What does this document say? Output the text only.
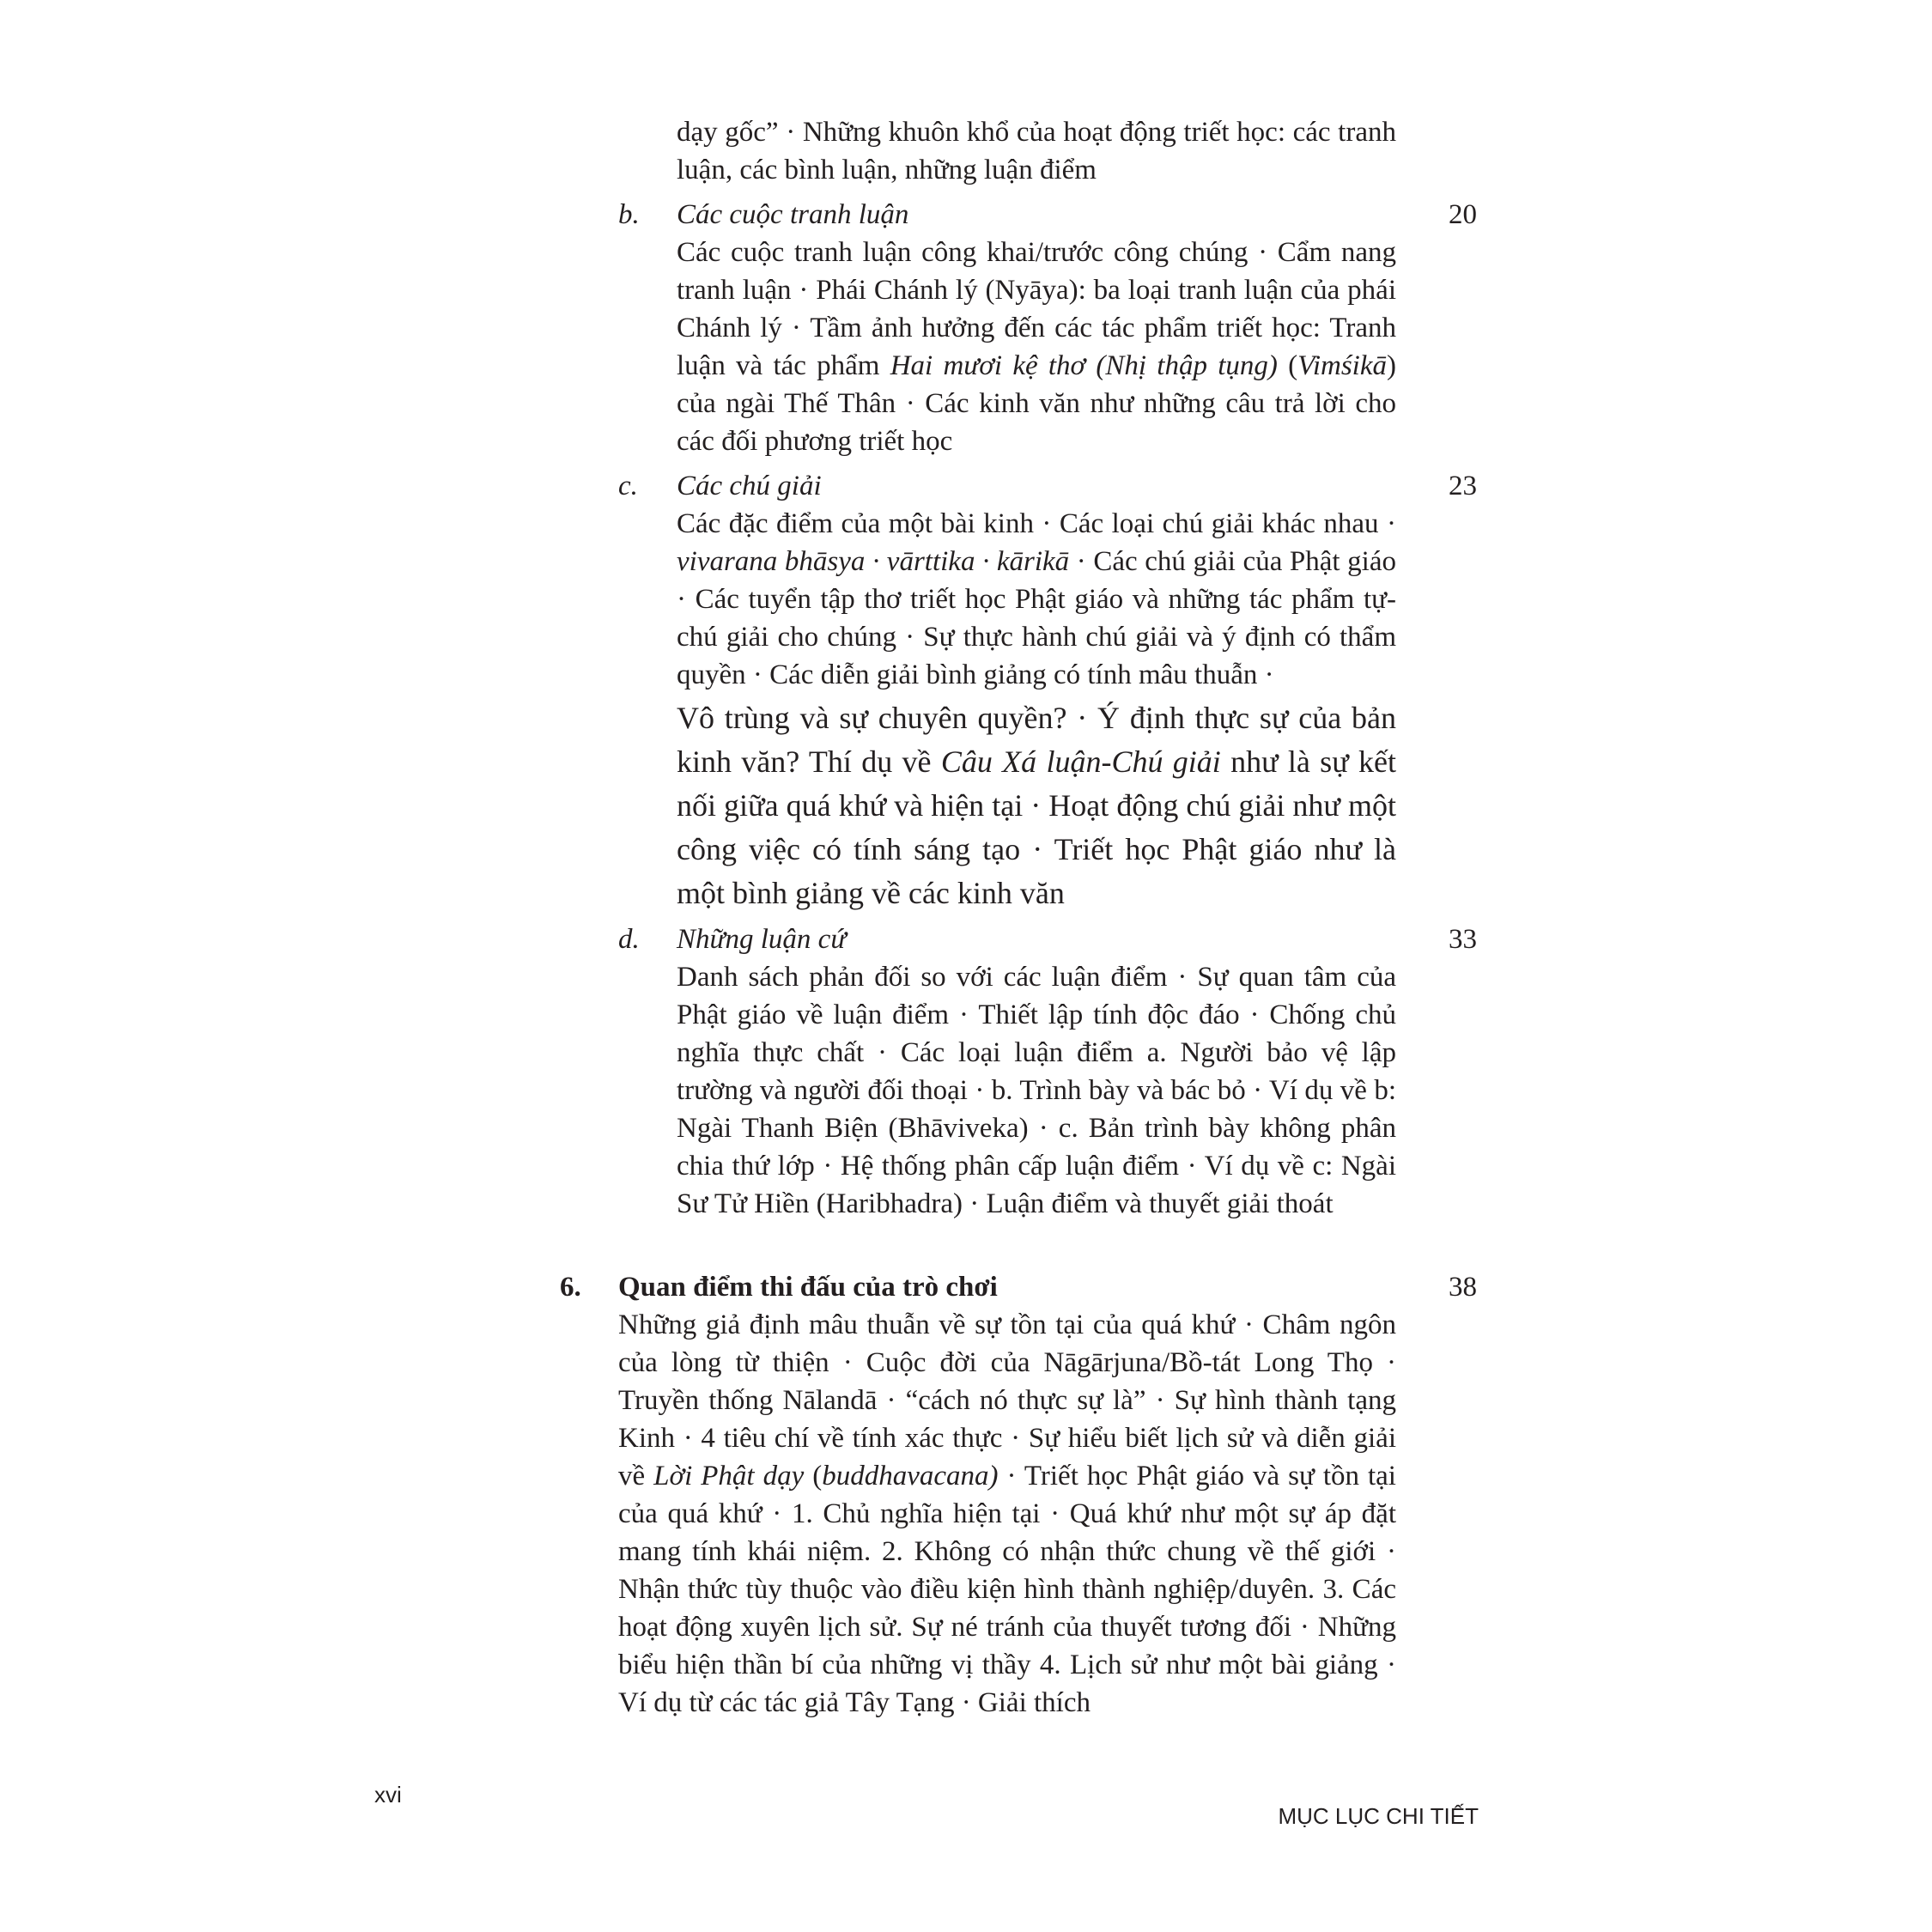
dạy gốc” · Những khuôn khổ của hoạt động triết học: các tranh luận, các bình luận, những luận điểm
b. Các cuộc tranh luận	20
Các cuộc tranh luận công khai/trước công chúng · Cẩm nang tranh luận · Phái Chánh lý (Nyāya): ba loại tranh luận của phái Chánh lý · Tầm ảnh hưởng đến các tác phẩm triết học: Tranh luận và tác phẩm Hai mươi kệ thơ (Nhị thập tụng) (Vimśikā) của ngài Thế Thân · Các kinh văn như những câu trả lời cho các đối phương triết học
c. Các chú giải	23
Các đặc điểm của một bài kinh · Các loại chú giải khác nhau · vivarana bhāsya · vārttika · kārikā · Các chú giải của Phật giáo · Các tuyển tập thơ triết học Phật giáo và những tác phẩm tự-chú giải cho chúng · Sự thực hành chú giải và ý định có thẩm quyền · Các diễn giải bình giảng có tính mâu thuẫn ·
Vô trùng và sự chuyên quyền? · Ý định thực sự của bản kinh văn? Thí dụ về Câu Xá luận-Chú giải như là sự kết nối giữa quá khứ và hiện tại · Hoạt động chú giải như một công việc có tính sáng tạo · Triết học Phật giáo như là một bình giảng về các kinh văn
d. Những luận cứ	33
Danh sách phản đối so với các luận điểm · Sự quan tâm của Phật giáo về luận điểm · Thiết lập tính độc đáo · Chống chủ nghĩa thực chất · Các loại luận điểm a. Người bảo vệ lập trường và người đối thoại · b. Trình bày và bác bỏ · Ví dụ về b: Ngài Thanh Biện (Bhāviveka) · c. Bản trình bày không phân chia thứ lớp · Hệ thống phân cấp luận điểm · Ví dụ về c: Ngài Sư Tử Hiền (Haribhadra) · Luận điểm và thuyết giải thoát
6. Quan điểm thi đấu của trò chơi	38
Những giả định mâu thuẫn về sự tồn tại của quá khứ · Châm ngôn của lòng từ thiện · Cuộc đời của Nāgārjuna/Bồ-tát Long Thọ · Truyền thống Nālandā · “cách nó thực sự là” · Sự hình thành tạng Kinh · 4 tiêu chí về tính xác thực · Sự hiểu biết lịch sử và diễn giải về Lời Phật dạy (buddhavacana) · Triết học Phật giáo và sự tồn tại của quá khứ · 1. Chủ nghĩa hiện tại · Quá khứ như một sự áp đặt mang tính khái niệm. 2. Không có nhận thức chung về thế giới · Nhận thức tùy thuộc vào điều kiện hình thành nghiệp/duyên. 3. Các hoạt động xuyên lịch sử. Sự né tránh của thuyết tương đối · Những biểu hiện thần bí của những vị thầy 4. Lịch sử như một bài giảng · Ví dụ từ các tác giả Tây Tạng · Giải thích
xvi
MỤC LỤC CHI TIẾT
